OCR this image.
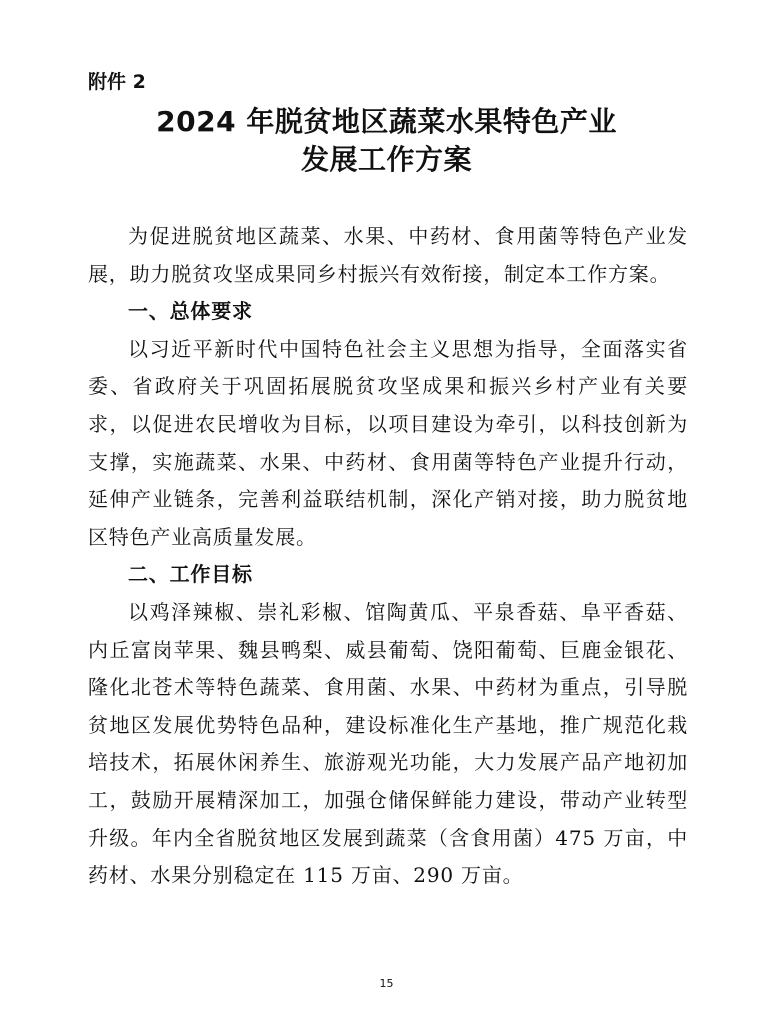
附件 2
2024 年脱贫地区蔬菜水果特色产业
发展工作方案

为促进脱贫地区蔬菜、水果、中药材、食用菌等特色产业发展，助力脱贫攻坚成果同乡村振兴有效衔接，制定本工作方案。

一、总体要求

以习近平新时代中国特色社会主义思想为指导，全面落实省委、省政府关于巩固拓展脱贫攻坚成果和振兴乡村产业有关要求，以促进农民增收为目标，以项目建设为牵引，以科技创新为支撑，实施蔬菜、水果、中药材、食用菌等特色产业提升行动，延伸产业链条，完善利益联结机制，深化产销对接，助力脱贫地区特色产业高质量发展。

二、工作目标

以鸡泽辣椒、崇礼彩椒、馆陶黄瓜、平泉香菇、阜平香菇、内丘富岗苹果、魏县鸭梨、威县葡萄、饶阳葡萄、巨鹿金银花、隆化北苍术等特色蔬菜、食用菌、水果、中药材为重点，引导脱贫地区发展优势特色品种，建设标准化生产基地，推广规范化栽培技术，拓展休闲养生、旅游观光功能，大力发展产品产地初加工，鼓励开展精深加工，加强仓储保鲜能力建设，带动产业转型升级。年内全省脱贫地区发展到蔬菜（含食用菌）475 万亩，中药材、水果分别稳定在 115 万亩、290 万亩。

15
